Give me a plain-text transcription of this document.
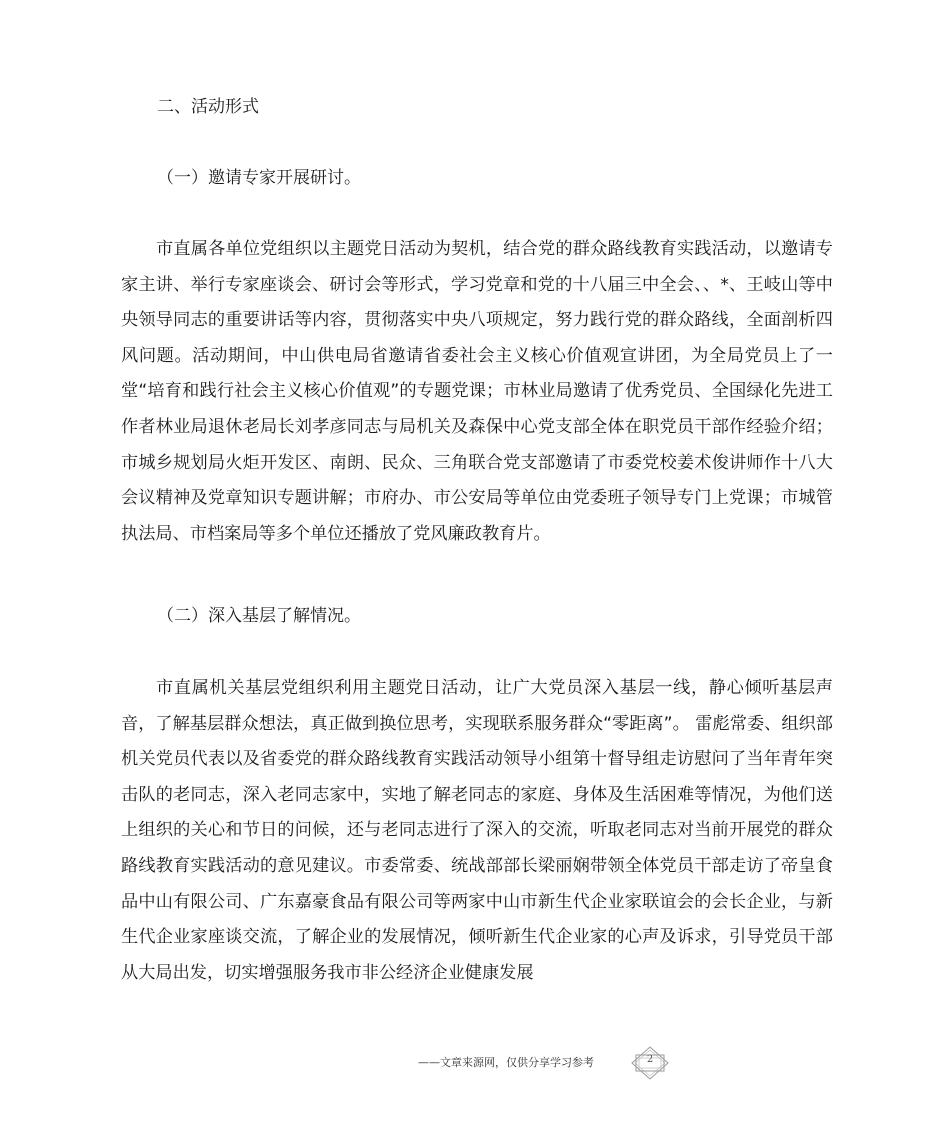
二、活动形式
（一）邀请专家开展研讨。
市直属各单位党组织以主题党日活动为契机，结合党的群众路线教育实践活动，以邀请专家主讲、举行专家座谈会、研讨会等形式，学习党章和党的十八届三中全会、、*、王岐山等中央领导同志的重要讲话等内容，贯彻落实中央八项规定，努力践行党的群众路线，全面剖析四风问题。活动期间，中山供电局省邀请省委社会主义核心价值观宣讲团，为全局党员上了一堂“培育和践行社会主义核心价值观”的专题党课；市林业局邀请了优秀党员、全国绿化先进工作者林业局退休老局长刘孝彦同志与局机关及森保中心党支部全体在职党员干部作经验介绍；市城乡规划局火炬开发区、南朗、民众、三角联合党支部邀请了市委党校姜术俊讲师作十八大会议精神及党章知识专题讲解；市府办、市公安局等单位由党委班子领导专门上党课；市城管执法局、市档案局等多个单位还播放了党风廉政教育片。
（二）深入基层了解情况。
市直属机关基层党组织利用主题党日活动，让广大党员深入基层一线，静心倾听基层声音，了解基层群众想法，真正做到换位思考，实现联系服务群众“零距离”。 雷彪常委、组织部机关党员代表以及省委党的群众路线教育实践活动领导小组第十督导组走访慰问了当年青年突击队的老同志，深入老同志家中，实地了解老同志的家庭、身体及生活困难等情况，为他们送上组织的关心和节日的问候，还与老同志进行了深入的交流，听取老同志对当前开展党的群众路线教育实践活动的意见建议。市委常委、统战部部长梁丽娴带领全体党员干部走访了帝皇食品中山有限公司、广东嘉豪食品有限公司等两家中山市新生代企业家联谊会的会长企业，与新生代企业家座谈交流，了解企业的发展情况，倾听新生代企业家的心声及诉求，引导党员干部从大局出发，切实增强服务我市非公经济企业健康发展
——文章来源网，仅供分享学习参考	2
